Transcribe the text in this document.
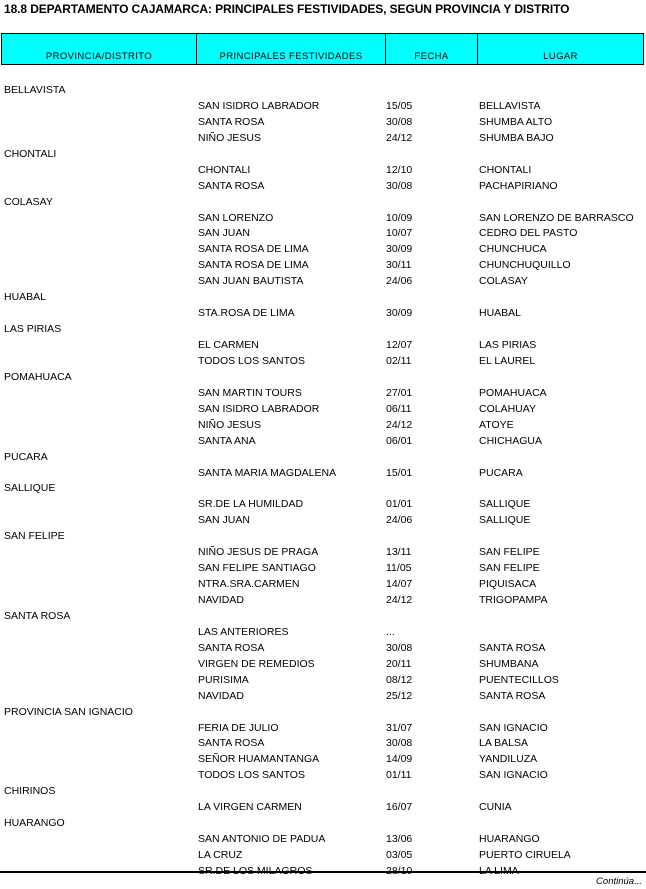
18.8 DEPARTAMENTO CAJAMARCA: PRINCIPALES FESTIVIDADES, SEGUN PROVINCIA Y DISTRITO
PROVINCIA/DISTRITO	PRINCIPALES FESTIVIDADES	FECHA	LUGAR
BELLAVISTA
SAN ISIDRO LABRADOR	15/05	BELLAVISTA
SANTA ROSA	30/08	SHUMBA ALTO
NIÑO JESUS	24/12	SHUMBA BAJO
CHONTALI
CHONTALI	12/10	CHONTALI
SANTA ROSA	30/08	PACHAPIRIANO
COLASAY
SAN LORENZO	10/09	SAN LORENZO DE BARRASCO
SAN JUAN	10/07	CEDRO DEL PASTO
SANTA ROSA DE LIMA	30/09	CHUNCHUCA
SANTA ROSA DE LIMA	30/11	CHUNCHUQUILLO
SAN JUAN BAUTISTA	24/06	COLASAY
HUABAL
STA.ROSA DE LIMA	30/09	HUABAL
LAS PIRIAS
EL CARMEN	12/07	LAS PIRIAS
TODOS LOS SANTOS	02/11	EL LAUREL
POMAHUACA
SAN MARTIN TOURS	27/01	POMAHUACA
SAN ISIDRO LABRADOR	06/11	COLAHUAY
NIÑO JESUS	24/12	ATOYE
SANTA ANA	06/01	CHICHAGUA
PUCARA
SANTA MARIA MAGDALENA	15/01	PUCARA
SALLIQUE
SR.DE LA HUMILDAD	01/01	SALLIQUE
SAN JUAN	24/06	SALLIQUE
SAN FELIPE
NIÑO JESUS DE PRAGA	13/11	SAN FELIPE
SAN FELIPE SANTIAGO	11/05	SAN FELIPE
NTRA.SRA.CARMEN	14/07	PIQUISACA
NAVIDAD	24/12	TRIGOPAMPA
SANTA ROSA
LAS ANTERIORES	...
SANTA ROSA	30/08	SANTA ROSA
VIRGEN DE REMEDIOS	20/11	SHUMBANA
PURISIMA	08/12	PUENTECILLOS
NAVIDAD	25/12	SANTA ROSA
PROVINCIA SAN IGNACIO
FERIA DE JULIO	31/07	SAN IGNACIO
SANTA ROSA	30/08	LA BALSA
SEÑOR HUAMANTANGA	14/09	YANDILUZA
TODOS LOS SANTOS	01/11	SAN IGNACIO
CHIRINOS
LA VIRGEN CARMEN	16/07	CUNIA
HUARANGO
SAN ANTONIO DE PADUA	13/06	HUARANGO
LA CRUZ	03/05	PUERTO CIRUELA
SR.DE LOS MILAGROS	28/10	LA LIMA
Continúa...
